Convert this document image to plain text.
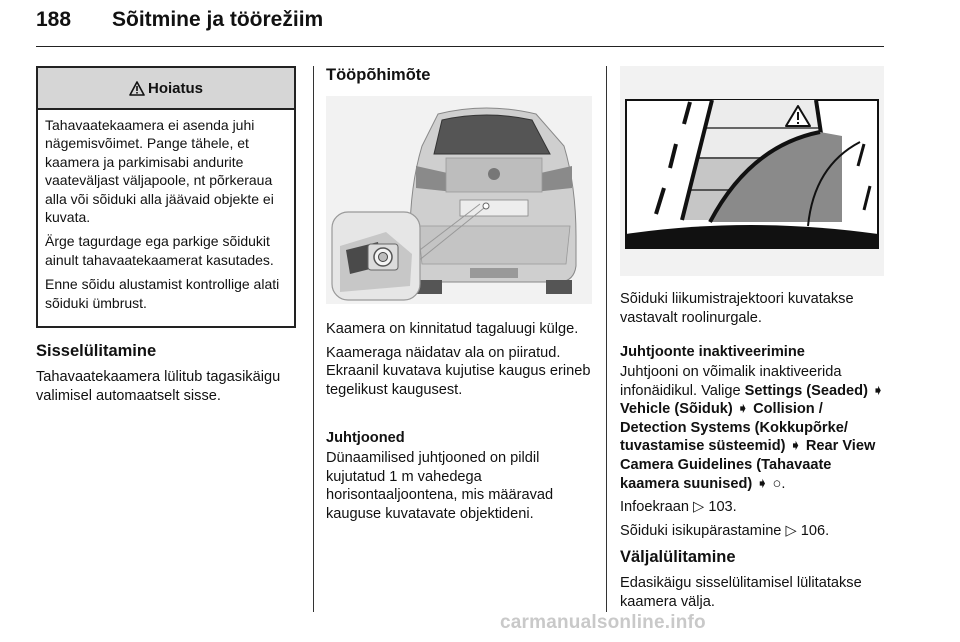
188 Sõitmine ja töörežiim
Hoiatus

Tahavaatekaamera ei asenda juhi nägemisvõimet. Pange tähele, et kaamera ja parkimisabi andurite vaateväljast väljapoole, nt põrkeraua alla või sõiduki alla jäävaid objekte ei kuvata.

Ärge tagurdage ega parkige sõidukit ainult tahavaatekaamerat kasutades.

Enne sõidu alustamist kontrollige alati sõiduki ümbrust.

Sisselülitamine
Tahavaatekaamera lülitub tagasikäigu valimisel automaatselt sisse.
Tööpõhimõte

Kaamera on kinnitatud tagaluugi külge.

Kaameraga näidatav ala on piiratud. Ekraanil kuvatava kujutise kaugus erineb tegelikust kaugusest.

Juhtjooned
Dünaamilised juhtjooned on pildil kujutatud 1 m vahedega horisontaaljoontena, mis määravad kauguse kuvatavate objektideni.
Sõiduki liikumistrajektoori kuvatakse vastavalt roolinurgale.
Juhtjoonte inaktiveerimine

Juhtjooni on võimalik inaktiveerida infonäidikul. Valige Settings (Seaded) ➧ Vehicle (Sõiduk) ➧ Collision / Detection Systems (Kokkupõrke/ tuvastamise süsteemid) ➧ Rear View Camera Guidelines (Tahavaate kaamera suunised) ➧ ○.

Infoekraan ▷ 103.

Sõiduki isikupärastamine ▷ 106.

Väljalülitamine
Edasikäigu sisselülitamisel lülitatakse kaamera välja.
carmanualsonline.info
